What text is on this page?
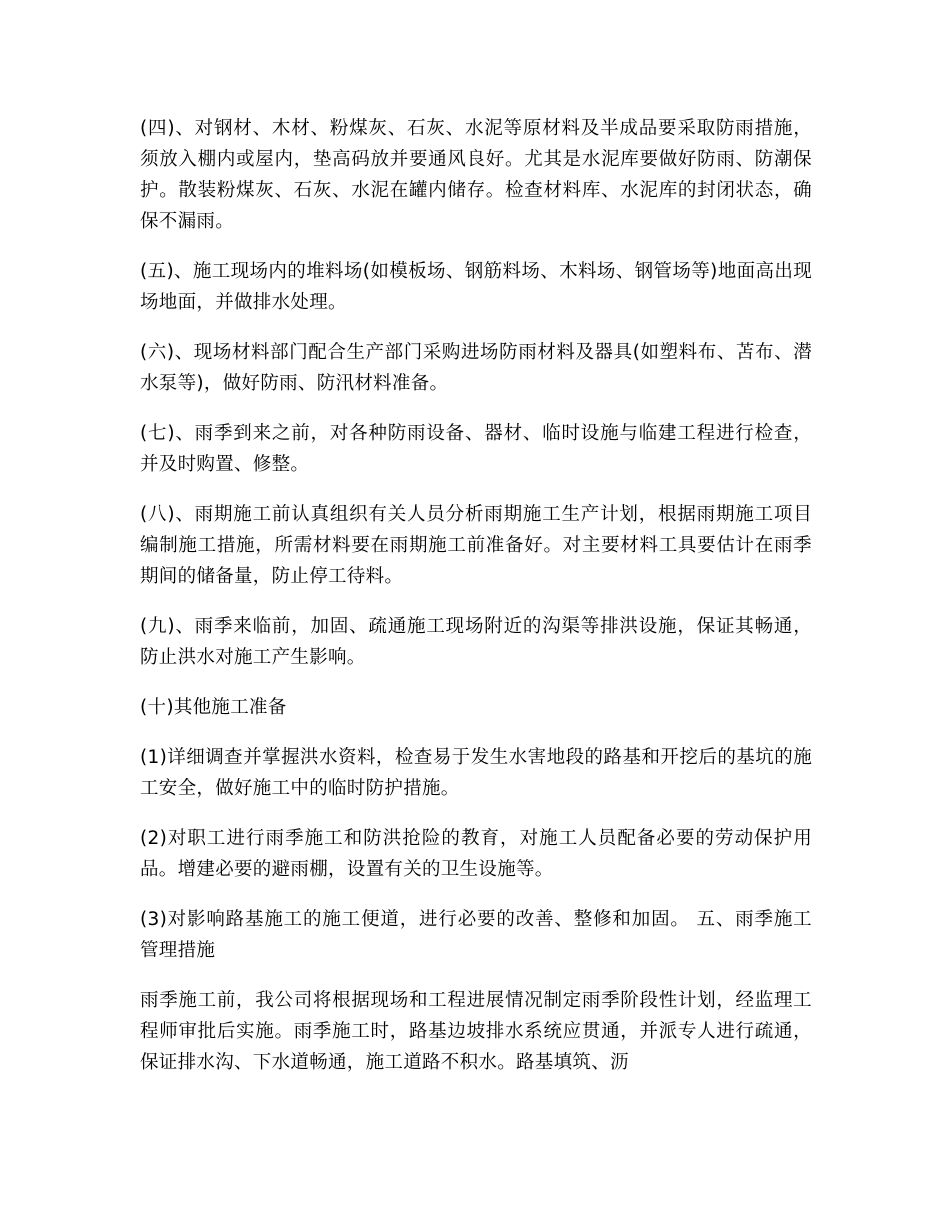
(四)、对钢材、木材、粉煤灰、石灰、水泥等原材料及半成品要采取防雨措施，须放入棚内或屋内，垫高码放并要通风良好。尤其是水泥库要做好防雨、防潮保护。散装粉煤灰、石灰、水泥在罐内储存。检查材料库、水泥库的封闭状态，确保不漏雨。

(五)、施工现场内的堆料场(如模板场、钢筋料场、木料场、钢管场等)地面高出现场地面，并做排水处理。

(六)、现场材料部门配合生产部门采购进场防雨材料及器具(如塑料布、苫布、潜水泵等)，做好防雨、防汛材料准备。

(七)、雨季到来之前，对各种防雨设备、器材、临时设施与临建工程进行检查，并及时购置、修整。

(八)、雨期施工前认真组织有关人员分析雨期施工生产计划，根据雨期施工项目编制施工措施，所需材料要在雨期施工前准备好。对主要材料工具要估计在雨季期间的储备量，防止停工待料。

(九)、雨季来临前，加固、疏通施工现场附近的沟渠等排洪设施，保证其畅通，防止洪水对施工产生影响。

(十)其他施工准备

(1)详细调查并掌握洪水资料，检查易于发生水害地段的路基和开挖后的基坑的施工安全，做好施工中的临时防护措施。

(2)对职工进行雨季施工和防洪抢险的教育，对施工人员配备必要的劳动保护用品。增建必要的避雨棚，设置有关的卫生设施等。

(3)对影响路基施工的施工便道，进行必要的改善、整修和加固。 五、雨季施工管理措施

雨季施工前，我公司将根据现场和工程进展情况制定雨季阶段性计划，经监理工程师审批后实施。雨季施工时，路基边坡排水系统应贯通，并派专人进行疏通，保证排水沟、下水道畅通，施工道路不积水。路基填筑、沥
